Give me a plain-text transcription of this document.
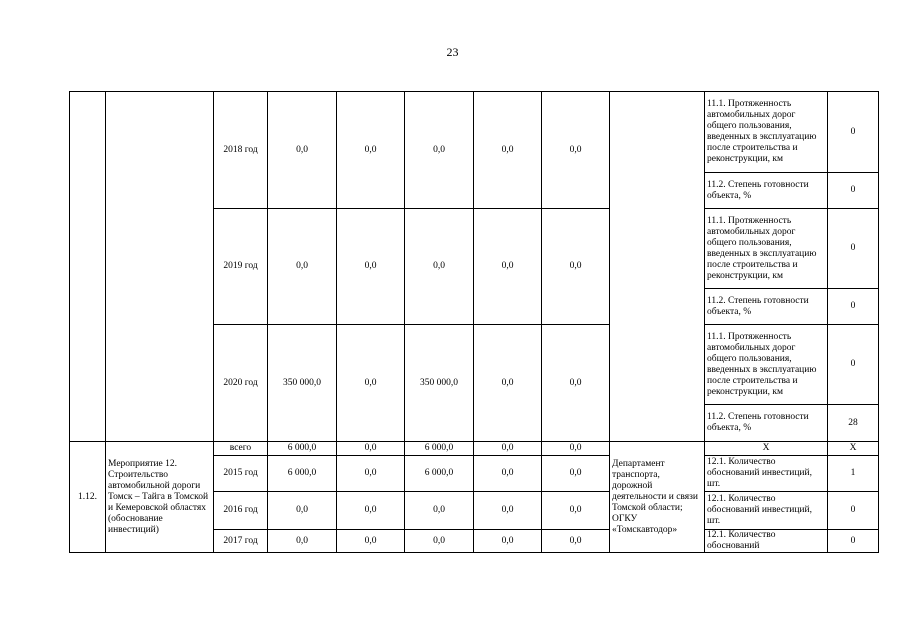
23
		2018 год	0,0	0,0	0,0	0,0	0,0		11.1. Протяженность автомобильных дорог общего пользования, введенных в эксплуатацию после строительства и реконструкции, км	0
									11.2. Степень готовности объекта, %	0
		2019 год	0,0	0,0	0,0	0,0	0,0		11.1. Протяженность автомобильных дорог общего пользования, введенных в эксплуатацию после строительства и реконструкции, км	0
									11.2. Степень готовности объекта, %	0
		2020 год	350 000,0	0,0	350 000,0	0,0	0,0		11.1. Протяженность автомобильных дорог общего пользования, введенных в эксплуатацию после строительства и реконструкции, км	0
									11.2. Степень готовности объекта, %	28
1.12.	Мероприятие 12. Строительство автомобильной дороги Томск – Тайга в Томской и Кемеровской областях (обоснование инвестиций)	всего	6 000,0	0,0	6 000,0	0,0	0,0	Департамент транспорта, дорожной деятельности и связи Томской области; ОГКУ «Томскавтодор»	Х	Х
		2015 год	6 000,0	0,0	6 000,0	0,0	0,0		12.1. Количество обоснований инвестиций, шт.	1
		2016 год	0,0	0,0	0,0	0,0	0,0		12.1. Количество обоснований инвестиций, шт.	0
		2017 год	0,0	0,0	0,0	0,0	0,0		12.1. Количество обоснований	0
